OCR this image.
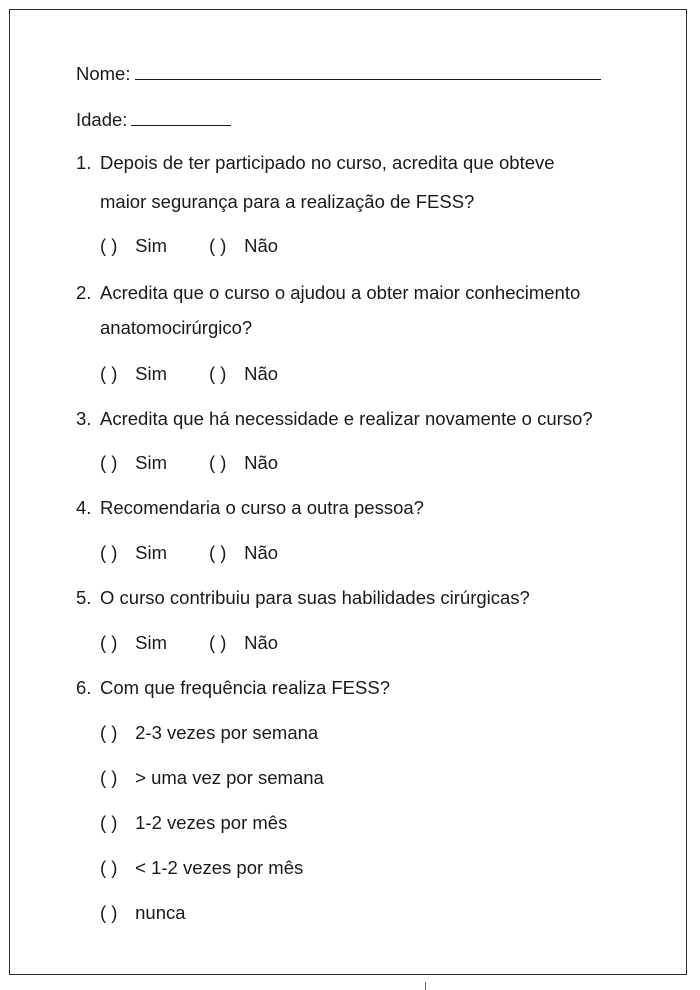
Nome:
Idade:
1. Depois de ter participado no curso, acredita que obteve
maior segurança para a realização de FESS?
( ) Sim ( ) Não
2. Acredita que o curso o ajudou a obter maior conhecimento
anatomocirúrgico?
( ) Sim ( ) Não
3. Acredita que há necessidade e realizar novamente o curso?
( ) Sim ( ) Não
4. Recomendaria o curso a outra pessoa?
( ) Sim ( ) Não
5. O curso contribuiu para suas habilidades cirúrgicas?
( ) Sim ( ) Não
6. Com que frequência realiza FESS?
( ) 2-3 vezes por semana
( ) > uma vez por semana
( ) 1-2 vezes por mês
( ) < 1-2 vezes por mês
( ) nunca
